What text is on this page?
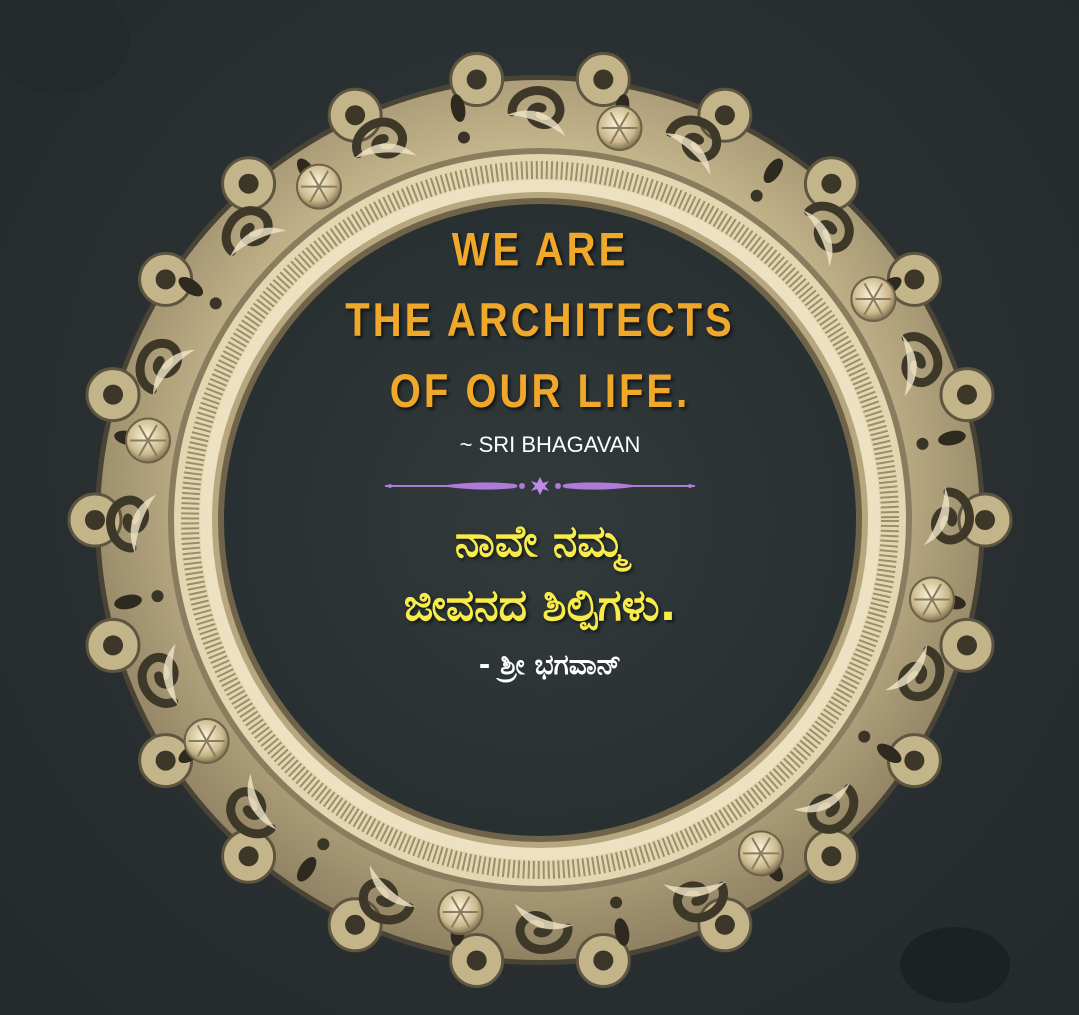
WE ARE
THE ARCHITECTS
OF OUR LIFE.
~ SRI BHAGAVAN
ನಾವೇ ನಮ್ಮ
ಜೀವನದ ಶಿಲ್ಪಿಗಳು.
- ಶ್ರೀ ಭಗವಾನ್
